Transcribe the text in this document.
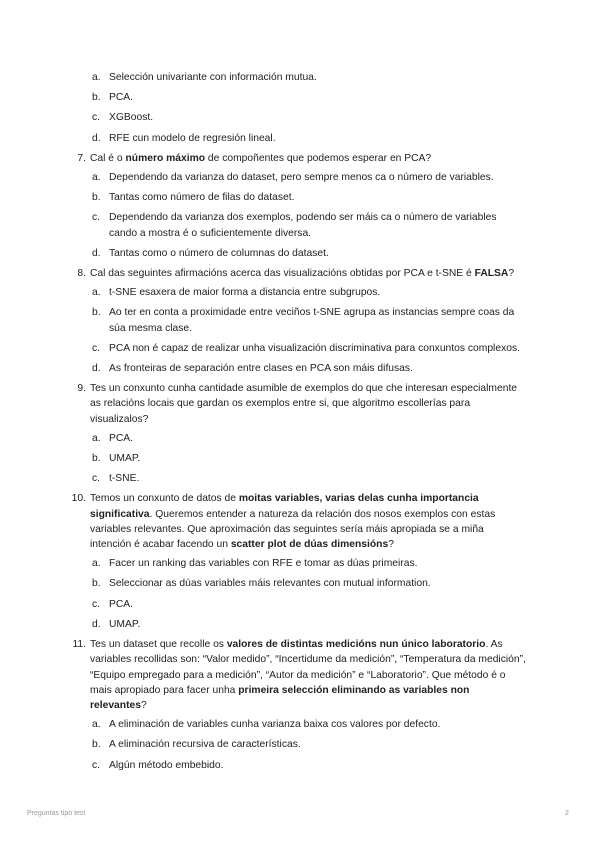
a. Selección univariante con información mutua.
b. PCA.
c. XGBoost.
d. RFE cun modelo de regresión lineal.
7. Cal é o número máximo de compoñentes que podemos esperar en PCA?
a. Dependendo da varianza do dataset, pero sempre menos ca o número de variables.
b. Tantas como número de filas do dataset.
c. Dependendo da varianza dos exemplos, podendo ser máis ca o número de variables cando a mostra é o suficientemente diversa.
d. Tantas como o número de columnas do dataset.
8. Cal das seguintes afirmacións acerca das visualizacións obtidas por PCA e t-SNE é FALSA?
a. t-SNE esaxera de maior forma a distancia entre subgrupos.
b. Ao ter en conta a proximidade entre veciños t-SNE agrupa as instancias sempre coas da súa mesma clase.
c. PCA non é capaz de realizar unha visualización discriminativa para conxuntos complexos.
d. As fronteiras de separación entre clases en PCA son máis difusas.
9. Tes un conxunto cunha cantidade asumible de exemplos do que che interesan especialmente as relacións locais que gardan os exemplos entre si, que algoritmo escollerías para visualizalos?
a. PCA.
b. UMAP.
c. t-SNE.
10. Temos un conxunto de datos de moitas variables, varias delas cunha importancia significativa. Queremos entender a natureza da relación dos nosos exemplos con estas variables relevantes. Que aproximación das seguintes sería máis apropiada se a miña intención é acabar facendo un scatter plot de dúas dimensións?
a. Facer un ranking das variables con RFE e tomar as dúas primeiras.
b. Seleccionar as dúas variables máis relevantes con mutual information.
c. PCA.
d. UMAP.
11. Tes un dataset que recolle os valores de distintas medicións nun único laboratorio. As variables recollidas son: “Valor medido”, “Incertidume da medición”, “Temperatura da medición”, “Equipo empregado para a medición”, “Autor da medición” e “Laboratorio”. Que método é o mais apropiado para facer unha primeira selección eliminando as variables non relevantes?
a. A eliminación de variables cunha varianza baixa cos valores por defecto.
b. A eliminación recursiva de características.
c. Algún método embebido.
Preguntas tipo test	2
